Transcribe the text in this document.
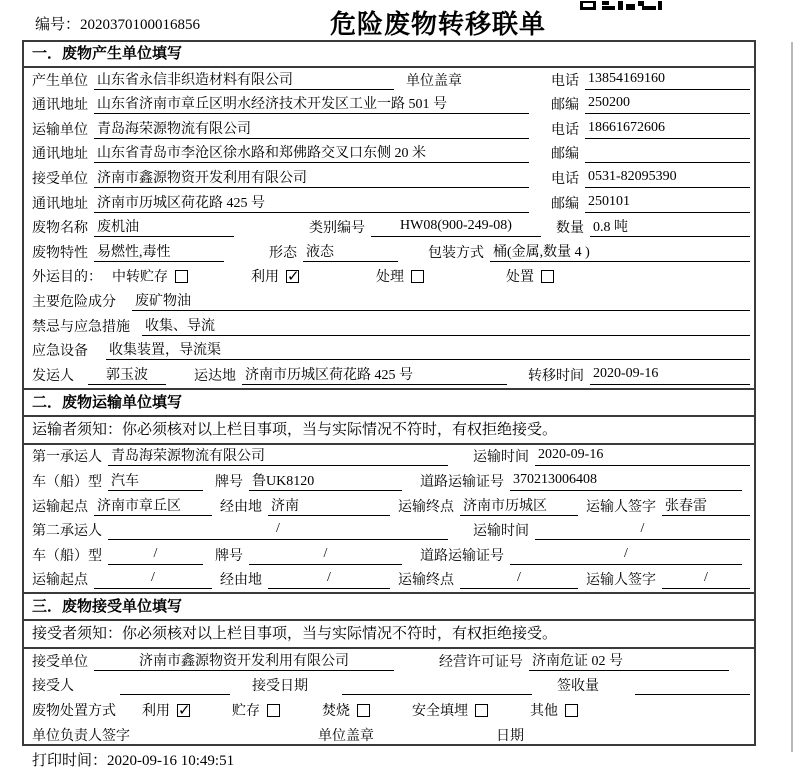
编号：2020370100016856	危险废物转移联单
一．废物产生单位填写
产生单位 山东省永信非织造材料有限公司	单位盖章	电话 13854169160
通讯地址 山东省济南市章丘区明水经济技术开发区工业一路 501 号	邮编 250200
运输单位 青岛海荣源物流有限公司	电话 18661672606
通讯地址 山东省青岛市李沧区徐水路和郑佛路交叉口东侧 20 米	邮编
接受单位 济南市鑫源物资开发利用有限公司	电话 0531-82095390
通讯地址 济南市历城区荷花路 425 号	邮编 250101
废物名称 废机油	类别编号	HW08(900-249-08)	数量 0.8 吨
废物特性 易燃性,毒性	形态 液态	包装方式 桶(金属,数量 4 )
外运目的： 中转贮存	利用 ✓	处理	处置
主要危险成分 废矿物油
禁忌与应急措施 收集、导流
应急设备 收集装置，导流渠
发运人	郭玉波	运达地 济南市历城区荷花路 425 号	转移时间 2020-09-16
二．废物运输单位填写
运输者须知：你必须核对以上栏目事项，当与实际情况不符时，有权拒绝接受。
第一承运人 青岛海荣源物流有限公司	运输时间 2020-09-16
车（船）型 汽车	牌号 鲁UK8120	道路运输证号 370213006408
运输起点 济南市章丘区	经由地 济南	运输终点 济南市历城区	运输人签字 张春雷
第二承运人	/	运输时间	/
车（船）型	/	牌号	/	道路运输证号	/
运输起点	/	经由地	/	运输终点	/	运输人签字	/
三．废物接受单位填写
接受者须知：你必须核对以上栏目事项，当与实际情况不符时，有权拒绝接受。
接受单位	济南市鑫源物资开发利用有限公司	经营许可证号 济南危证 02 号
接受人	接受日期	签收量
废物处置方式 利用 ✓	贮存	焚烧	安全填埋	其他
单位负责人签字	单位盖章	日期
打印时间：2020-09-16 10:49:51
